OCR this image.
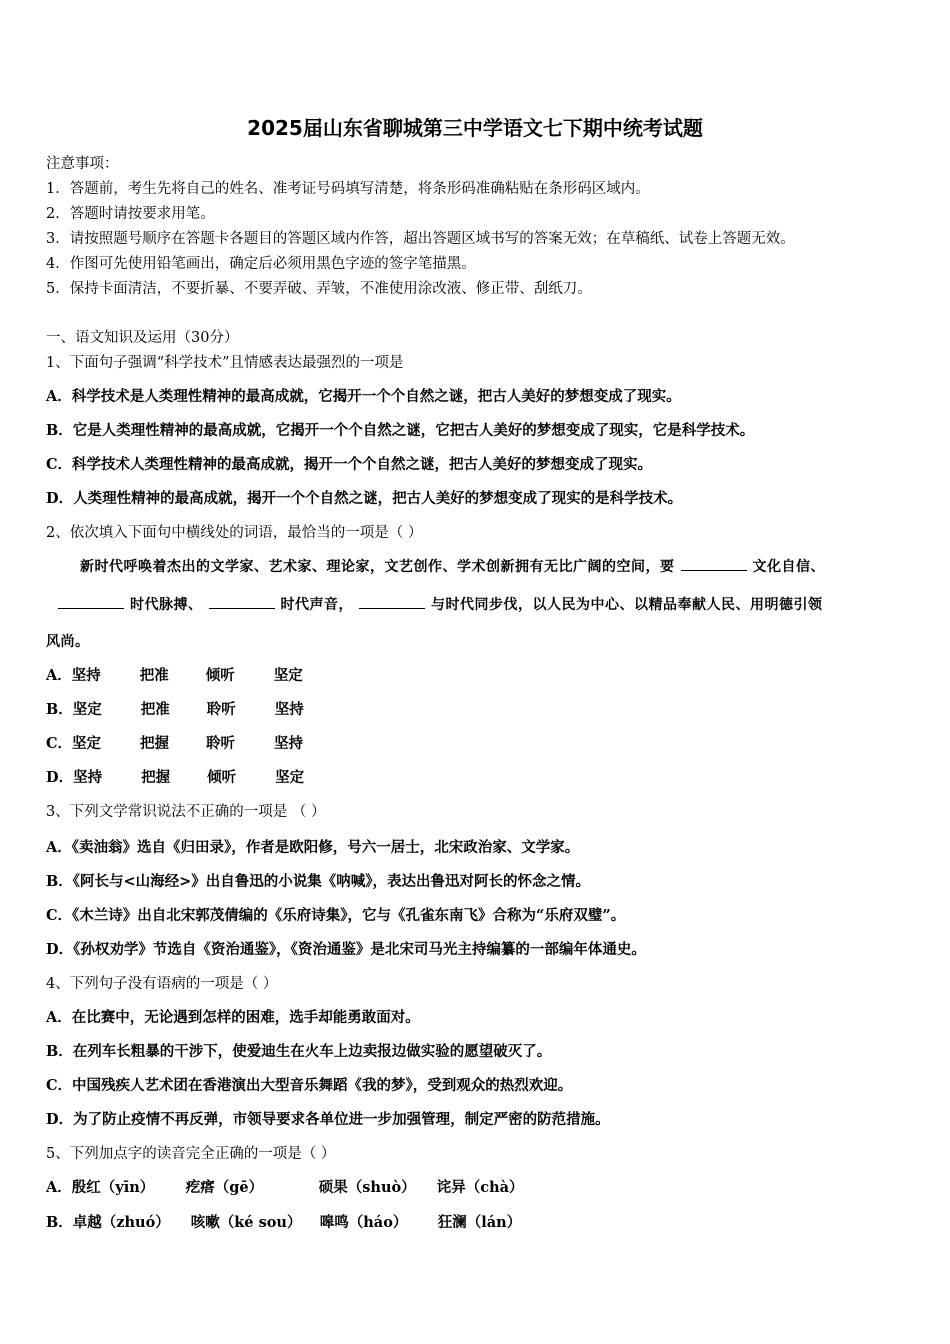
2025届山东省聊城第三中学语文七下期中统考试题
注意事项：
1．答题前，考生先将自己的姓名、准考证号码填写清楚，将条形码准确粘贴在条形码区域内。
2．答题时请按要求用笔。
3．请按照题号顺序在答题卡各题目的答题区域内作答，超出答题区域书写的答案无效；在草稿纸、试卷上答题无效。
4．作图可先使用铅笔画出，确定后必须用黑色字迹的签字笔描黑。
5．保持卡面清洁，不要折暴、不要弄破、弄皱，不准使用涂改液、修正带、刮纸刀。
一、语文知识及运用（30分）
1、下面句子强调“科学技术”且情感表达最强烈的一项是
A．科学技术是人类理性精神的最高成就，它揭开一个个自然之谜，把古人美好的梦想变成了现实。
B．它是人类理性精神的最高成就，它揭开一个个自然之谜，它把古人美好的梦想变成了现实，它是科学技术。
C．科学技术人类理性精神的最高成就，揭开一个个自然之谜，把古人美好的梦想变成了现实。
D．人类理性精神的最高成就，揭开一个个自然之谜，把古人美好的梦想变成了现实的是科学技术。
2、依次填入下面句中横线处的词语，最恰当的一项是（ ）
新时代呼唤着杰出的文学家、艺术家、理论家，文艺创作、学术创新拥有无比广阔的空间，要	文化自信、
时代脉搏、	时代声音，	与时代同步伐，以人民为中心、以精品奉献人民、用明德引领
风尚。
A．坚持	把准	倾听	坚定
B．坚定	把准	聆听	坚持
C．坚定	把握	聆听	坚持
D．坚持	把握	倾听	坚定
3、下列文学常识说法不正确的一项是 （ ）
A．《卖油翁》选自《归田录》，作者是欧阳修，号六一居士，北宋政治家、文学家。
B．《阿长与<山海经>》出自鲁迅的小说集《呐喊》，表达出鲁迅对阿长的怀念之情。
C．《木兰诗》出自北宋郭茂倩编的《乐府诗集》，它与《孔雀东南飞》合称为“乐府双璧”。
D．《孙权劝学》节选自《资治通鉴》，《资治通鉴》是北宋司马光主持编纂的一部编年体通史。
4、下列句子没有语病的一项是（ ）
A．在比赛中，无论遇到怎样的困难，选手却能勇敢面对。
B．在列车长粗暴的干涉下，使爱迪生在火车上边卖报边做实验的愿望破灭了。
C．中国残疾人艺术团在香港演出大型音乐舞蹈《我的梦》，受到观众的热烈欢迎。
D．为了防止疫情不再反弹，市领导要求各单位进一步加强管理，制定严密的防范措施。
5、下列加点字的读音完全正确的一项是（ ）
A．殷红（yīn） 疙瘩（gē）	硕果（shuò） 诧异（chà）
B．卓越（zhuó） 咳嗽（ké sou） 嗥鸣（háo） 狂澜（lán）
